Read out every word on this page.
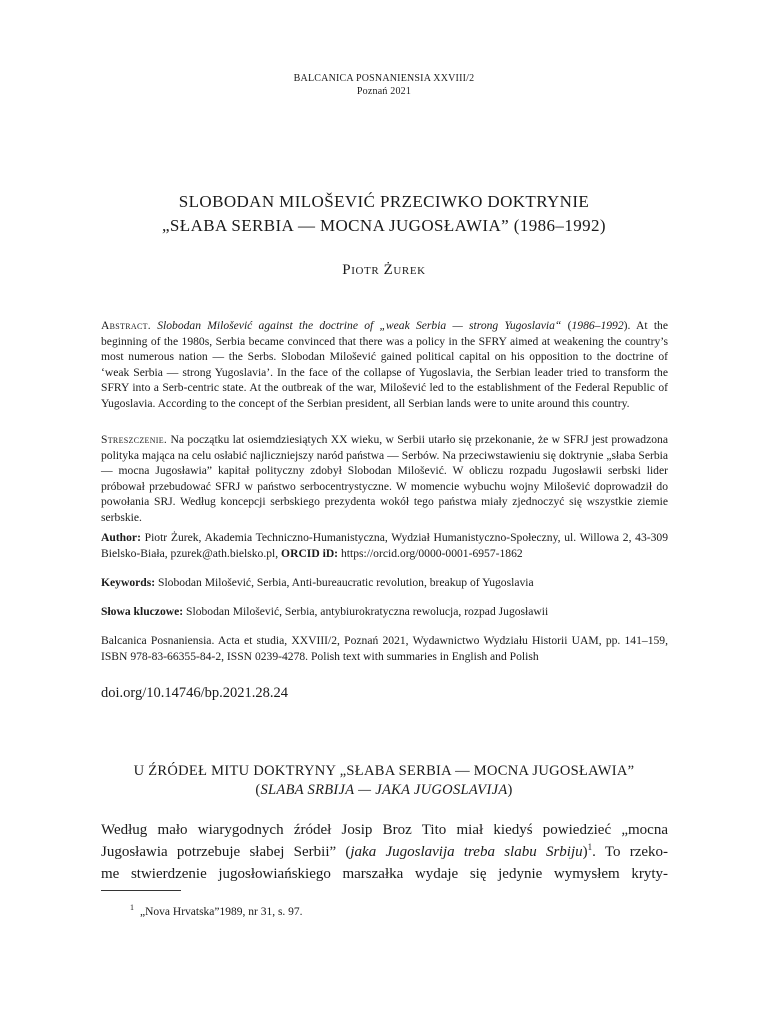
BALCANICA POSNANIENSIA XXVIII/2
Poznań 2021
SLOBODAN MILOŠEVIĆ PRZECIWKO DOKTRYNIE
„SŁABA SERBIA — MOCNA JUGOSŁAWIA” (1986–1992)
Piotr Żurek
Abstract. Slobodan Milošević against the doctrine of „weak Serbia — strong Yugoslavia“ (1986–1992). At the beginning of the 1980s, Serbia became convinced that there was a policy in the SFRY aimed at weakening the country’s most numerous nation — the Serbs. Slobodan Milošević gained political capital on his opposition to the doctrine of ‘weak Serbia — strong Yugoslavia’. In the face of the collapse of Yugoslavia, the Serbian leader tried to transform the SFRY into a Serb-centric state. At the outbreak of the war, Milošević led to the establishment of the Federal Republic of Yugoslavia. According to the concept of the Serbian president, all Serbian lands were to unite around this country.
Streszczenie. Na początku lat osiemdziesiątych XX wieku, w Serbii utarło się przekonanie, że w SFRJ jest prowadzona polityka mająca na celu osłabić najliczniejszy naród państwa — Serbów. Na przeciwstawieniu się doktrynie „słaba Serbia — mocna Jugosławia” kapitał polityczny zdobył Slobodan Milošević. W obliczu rozpadu Jugosławii serbski lider próbował przebudować SFRJ w państwo serbocentrystyczne. W momencie wybuchu wojny Milošević doprowadził do powołania SRJ. Według koncepcji serbskiego prezydenta wokół tego państwa miały zjednoczyć się wszystkie ziemie serbskie.
Author: Piotr Żurek, Akademia Techniczno-Humanistyczna, Wydział Humanistyczno-Społeczny, ul. Willowa 2, 43-309 Bielsko-Biała, pzurek@ath.bielsko.pl, ORCID iD: https://orcid.org/0000-0001-6957-1862
Keywords: Slobodan Milošević, Serbia, Anti-bureaucratic revolution, breakup of Yugoslavia
Słowa kluczowe: Slobodan Milošević, Serbia, antybiurokratyczna rewolucja, rozpad Jugosławii
Balcanica Posnaniensia. Acta et studia, XXVIII/2, Poznań 2021, Wydawnictwo Wydziału Historii UAM, pp. 141–159, ISBN 978-83-66355-84-2, ISSN 0239-4278. Polish text with summaries in English and Polish
doi.org/10.14746/bp.2021.28.24
U ŹRÓDEŁ MITU DOKTRYNY „SŁABA SERBIA — MOCNA JUGOSŁAWIA”
(SLABA SRBIJA — JAKA JUGOSLAVIJA)
Według mało wiarygodnych źródeł Josip Broz Tito miał kiedyś powiedzieć „mocna
Jugosławia potrzebuje słabej Serbii” (jaka Jugoslavija treba slabu Srbiju)$^1$. To rzeko-
me stwierdzenie jugosłowiańskiego marszałka wydaje się jedynie wymysłem kryty-
$^1$ „Nova Hrvatska”1989, nr 31, s. 97.
